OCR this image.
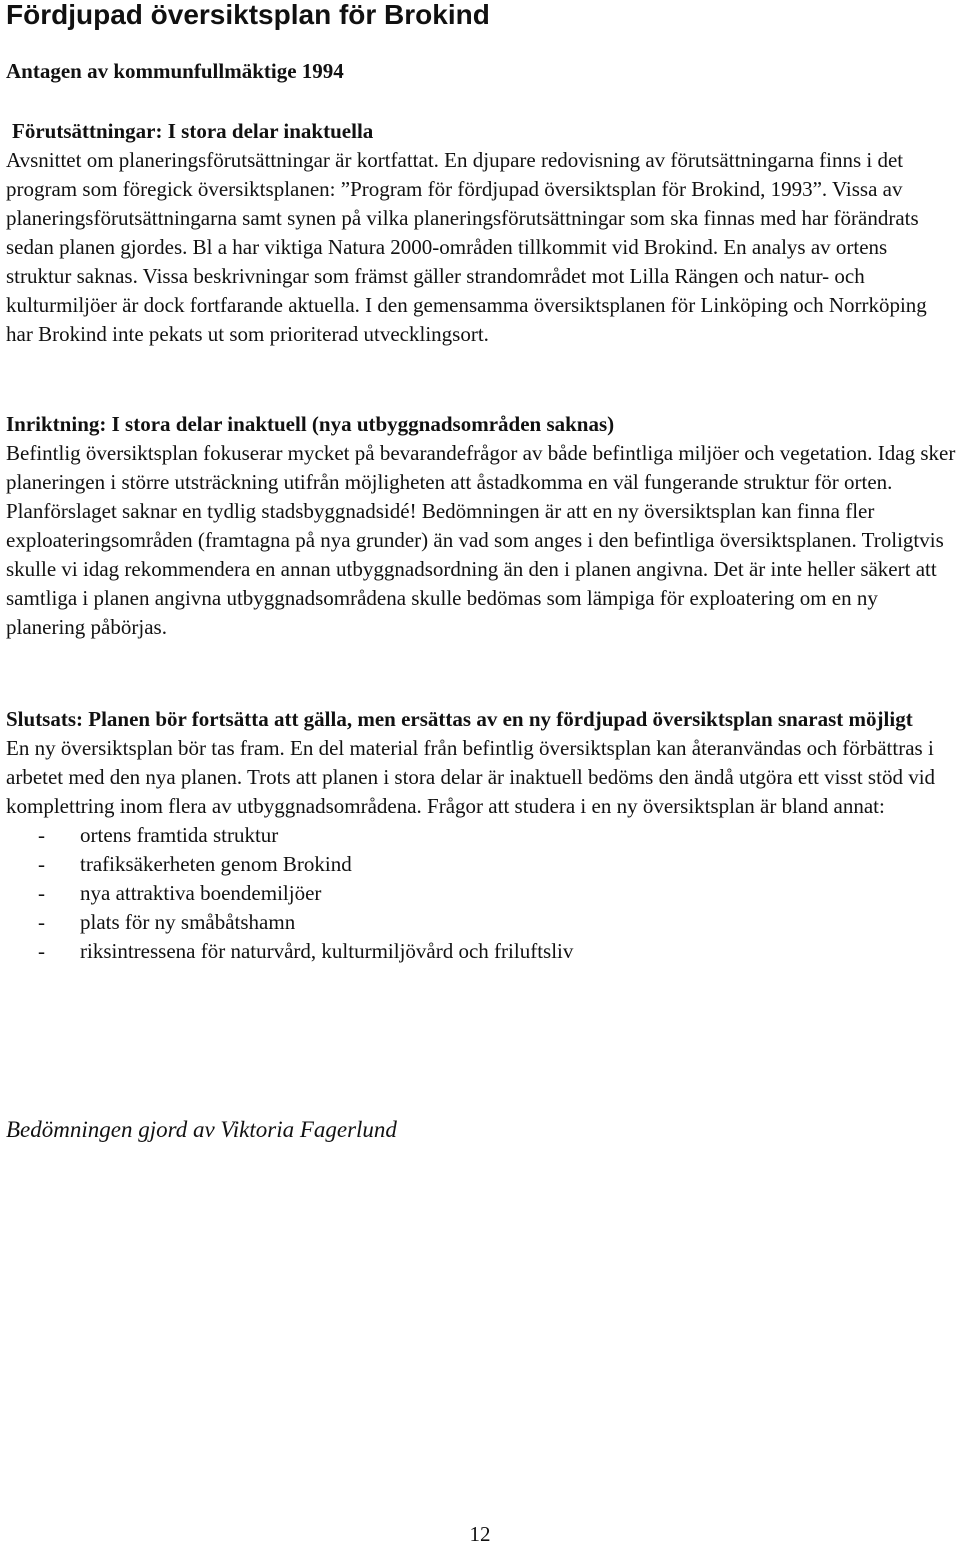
Fördjupad översiktsplan för Brokind

Antagen av kommunfullmäktige 1994

Förutsättningar: I stora delar inaktuella

Avsnittet om planeringsförutsättningar är kortfattat. En djupare redovisning av förutsättningarna finns i det program som föregick översiktsplanen: ”Program för fördjupad översiktsplan för Brokind, 1993”. Vissa av planeringsförutsättningarna samt synen på vilka planeringsförutsättningar som ska finnas med har förändrats sedan planen gjordes. Bl a har viktiga Natura 2000-områden tillkommit vid Brokind. En analys av ortens struktur saknas. Vissa beskrivningar som främst gäller strandområdet mot Lilla Rängen och natur- och kulturmiljöer är dock fortfarande aktuella. I den gemensamma översiktsplanen för Linköping och Norrköping har Brokind inte pekats ut som prioriterad utvecklingsort.

Inriktning: I stora delar inaktuell (nya utbyggnadsområden saknas)

Befintlig översiktsplan fokuserar mycket på bevarandefrågor av både befintliga miljöer och vegetation. Idag sker planeringen i större utsträckning utifrån möjligheten att åstadkomma en väl fungerande struktur för orten. Planförslaget saknar en tydlig stadsbyggnadsidé! Bedömningen är att en ny översiktsplan kan finna fler exploateringsområden (framtagna på nya grunder) än vad som anges i den befintliga översiktsplanen. Troligtvis skulle vi idag rekommendera en annan utbyggnadsordning än den i planen angivna. Det är inte heller säkert att samtliga i planen angivna utbyggnadsområdena skulle bedömas som lämpiga för exploatering om en ny planering påbörjas.

Slutsats: Planen bör fortsätta att gälla, men ersättas av en ny fördjupad översiktsplan snarast möjligt

En ny översiktsplan bör tas fram. En del material från befintlig översiktsplan kan återanvändas och förbättras i arbetet med den nya planen. Trots att planen i stora delar är inaktuell bedöms den ändå utgöra ett visst stöd vid komplettring inom flera av utbyggnadsområdena. Frågor att studera i en ny översiktsplan är bland annat:

- ortens framtida struktur
- trafiksäkerheten genom Brokind
- nya attraktiva boendemiljöer
- plats för ny småbåtshamn
- riksintressena för naturvård, kulturmiljövård och friluftsliv

Bedömningen gjord av Viktoria Fagerlund

12
